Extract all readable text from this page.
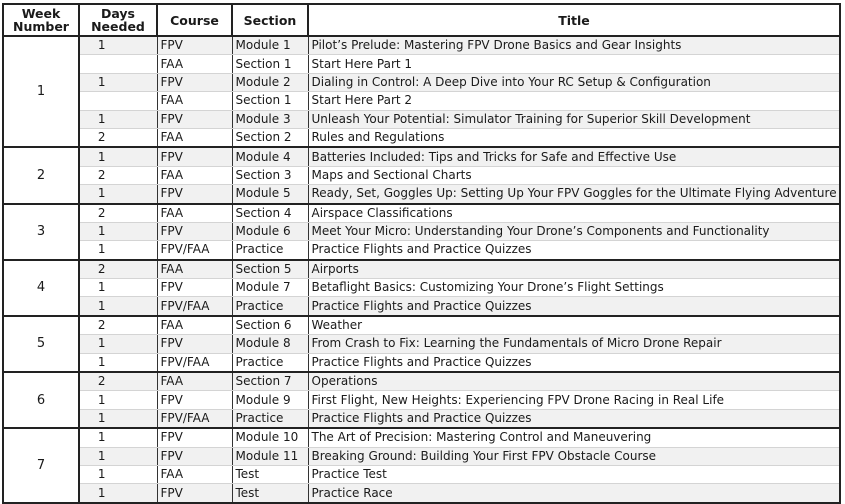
Week Number	Days Needed	Course	Section	Title
1	1	FPV	Module 1	Pilot’s Prelude: Mastering FPV Drone Basics and Gear Insights
		FAA	Section 1	Start Here Part 1
	1	FPV	Module 2	Dialing in Control: A Deep Dive into Your RC Setup & Configuration
		FAA	Section 1	Start Here Part 2
	1	FPV	Module 3	Unleash Your Potential: Simulator Training for Superior Skill Development
	2	FAA	Section 2	Rules and Regulations
2	1	FPV	Module 4	Batteries Included: Tips and Tricks for Safe and Effective Use
	2	FAA	Section 3	Maps and Sectional Charts
	1	FPV	Module 5	Ready, Set, Goggles Up: Setting Up Your FPV Goggles for the Ultimate Flying Adventure
3	2	FAA	Section 4	Airspace Classifications
	1	FPV	Module 6	Meet Your Micro: Understanding Your Drone’s Components and Functionality
	1	FPV/FAA	Practice	Practice Flights and Practice Quizzes
4	2	FAA	Section 5	Airports
	1	FPV	Module 7	Betaflight Basics: Customizing Your Drone’s Flight Settings
	1	FPV/FAA	Practice	Practice Flights and Practice Quizzes
5	2	FAA	Section 6	Weather
	1	FPV	Module 8	From Crash to Fix: Learning the Fundamentals of Micro Drone Repair
	1	FPV/FAA	Practice	Practice Flights and Practice Quizzes
6	2	FAA	Section 7	Operations
	1	FPV	Module 9	First Flight, New Heights: Experiencing FPV Drone Racing in Real Life
	1	FPV/FAA	Practice	Practice Flights and Practice Quizzes
7	1	FPV	Module 10	The Art of Precision: Mastering Control and Maneuvering
	1	FPV	Module 11	Breaking Ground: Building Your First FPV Obstacle Course
	1	FAA	Test	Practice Test
	1	FPV	Test	Practice Race
